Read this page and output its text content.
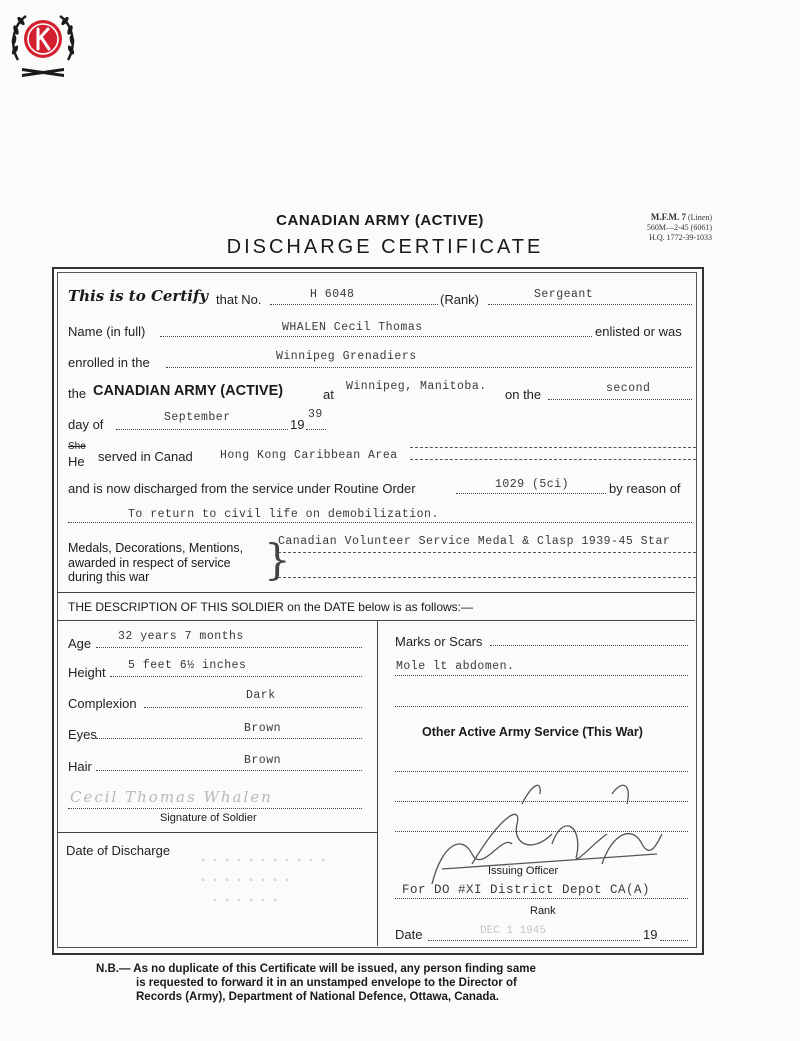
M.F.M. 7 (Linen)
560M—2-45 (6061)
H.Q. 1772-39-1033
CANADIAN ARMY (ACTIVE)
DISCHARGE CERTIFICATE
This is to Certify that No.	H 6048	(Rank)	Sergeant
Name (in full)	WHALEN Cecil Thomas	enlisted or was
enrolled in the	Winnipeg Grenadiers
the CANADIAN ARMY (ACTIVE)	at
Winnipeg, Manitoba.
on the	second
day of	September	19
39
She
He served in Canad Hong Kong Caribbean Area
and is now discharged from the service under Routine Order	1029 (5ci)	by reason of
To return to civil life on demobilization.
Medals, Decorations, Mentions,
awarded in respect of service
during this war	}
Canadian Volunteer Service Medal & Clasp 1939-45 Star
THE DESCRIPTION OF THIS SOLDIER on the DATE below is as follows:—
Age 32 years 7 months
Height 5 feet 6½ inches
Complexion
Dark
Eyes	Brown
Hair	Brown
Cecil Thomas Whalen
Signature of Soldier
Date of Discharge
▪ ▪ ▪ ▪ ▪ ▪ ▪ ▪ ▪ ▪ ▪
▪ ▪ ▪ ▪ ▪ ▪ ▪ ▪
▪ ▪ ▪ ▪ ▪ ▪
Marks or Scars
Mole lt abdomen.
Other Active Army Service (This War)
Issuing Officer
For DO #XI District Depot CA(A)
Rank
Date	DEC 1 1945	19
N.B.— As no duplicate of this Certificate will be issued, any person finding same
is requested to forward it in an unstamped envelope to the Director of
Records (Army), Department of National Defence, Ottawa, Canada.
